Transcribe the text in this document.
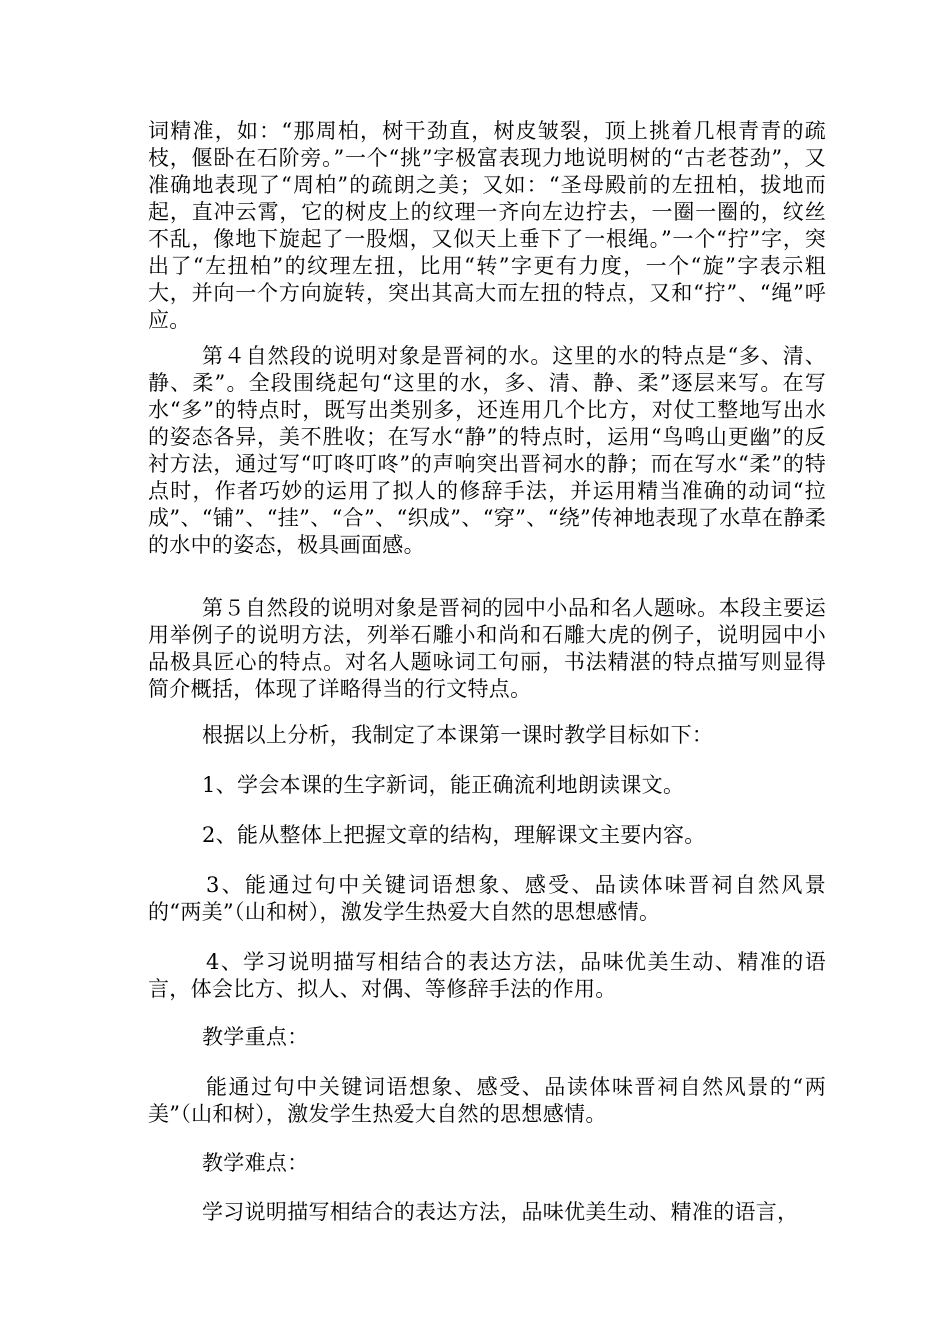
词精准，如：“那周柏，树干劲直，树皮皱裂，顶上挑着几根青青的疏枝，偃卧在石阶旁。”一个“挑”字极富表现力地说明树的“古老苍劲”，又准确地表现了“周柏”的疏朗之美；又如：“圣母殿前的左扭柏，拔地而起，直冲云霄，它的树皮上的纹理一齐向左边拧去，一圈一圈的，纹丝不乱，像地下旋起了一股烟，又似天上垂下了一根绳。”一个“拧”字，突出了“左扭柏”的纹理左扭，比用“转”字更有力度，一个“旋”字表示粗大，并向一个方向旋转，突出其高大而左扭的特点，又和“拧”、“绳”呼应。

第４自然段的说明对象是晋祠的水。这里的水的特点是“多、清、静、柔”。全段围绕起句“这里的水，多、清、静、柔”逐层来写。在写水“多”的特点时，既写出类别多，还连用几个比方，对仗工整地写出水的姿态各异，美不胜收；在写水“静”的特点时，运用“鸟鸣山更幽”的反衬方法，通过写“叮咚叮咚”的声响突出晋祠水的静；而在写水“柔”的特点时，作者巧妙的运用了拟人的修辞手法，并运用精当准确的动词“拉成”、“铺”、“挂”、“合”、“织成”、“穿”、“绕”传神地表现了水草在静柔的水中的姿态，极具画面感。

第５自然段的说明对象是晋祠的园中小品和名人题咏。本段主要运用举例子的说明方法，列举石雕小和尚和石雕大虎的例子，说明园中小品极具匠心的特点。对名人题咏词工句丽，书法精湛的特点描写则显得简介概括，体现了详略得当的行文特点。

根据以上分析，我制定了本课第一课时教学目标如下：

1、学会本课的生字新词，能正确流利地朗读课文。

2、能从整体上把握文章的结构，理解课文主要内容。

3、能通过句中关键词语想象、感受、品读体味晋祠自然风景的“两美”（山和树），激发学生热爱大自然的思想感情。

4、学习说明描写相结合的表达方法，品味优美生动、精准的语言，体会比方、拟人、对偶、等修辞手法的作用。

教学重点：

能通过句中关键词语想象、感受、品读体味晋祠自然风景的“两美”（山和树），激发学生热爱大自然的思想感情。

教学难点：

学习说明描写相结合的表达方法，品味优美生动、精准的语言，
